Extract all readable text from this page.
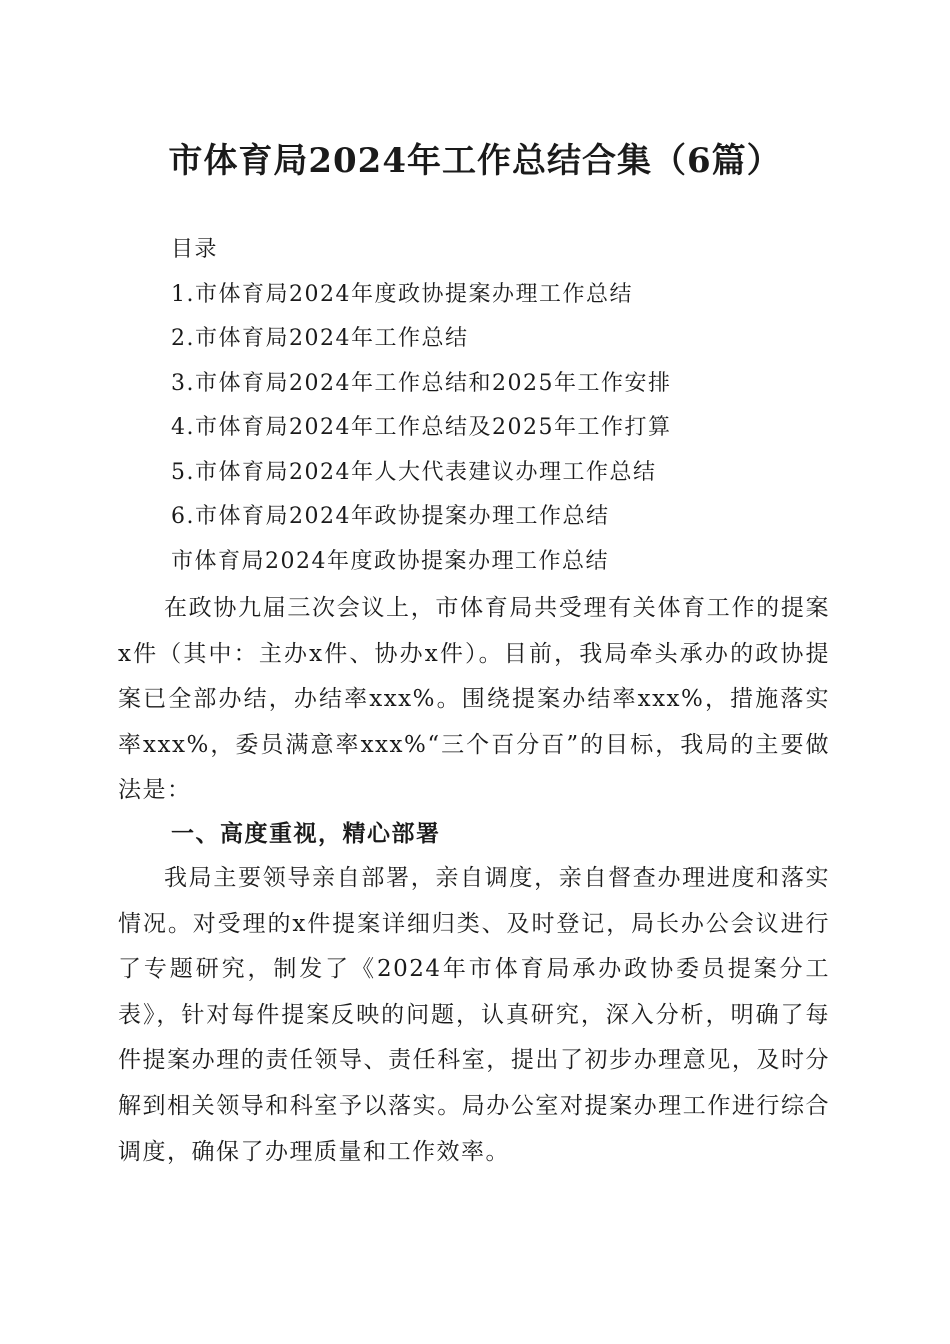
市体育局2024年工作总结合集（6篇）
目录
1.市体育局2024年度政协提案办理工作总结
2.市体育局2024年工作总结
3.市体育局2024年工作总结和2025年工作安排
4.市体育局2024年工作总结及2025年工作打算
5.市体育局2024年人大代表建议办理工作总结
6.市体育局2024年政协提案办理工作总结
市体育局2024年度政协提案办理工作总结

在政协九届三次会议上，市体育局共受理有关体育工作的提案x件（其中：主办x件、协办x件）。目前，我局牵头承办的政协提案已全部办结，办结率xxx%。围绕提案办结率xxx%，措施落实率xxx%，委员满意率xxx%“三个百分百”的目标，我局的主要做法是：

一、高度重视，精心部署

我局主要领导亲自部署，亲自调度，亲自督查办理进度和落实情况。对受理的x件提案详细归类、及时登记，局长办公会议进行了专题研究，制发了《2024年市体育局承办政协委员提案分工表》，针对每件提案反映的问题，认真研究，深入分析，明确了每件提案办理的责任领导、责任科室，提出了初步办理意见，及时分解到相关领导和科室予以落实。局办公室对提案办理工作进行综合调度，确保了办理质量和工作效率。
